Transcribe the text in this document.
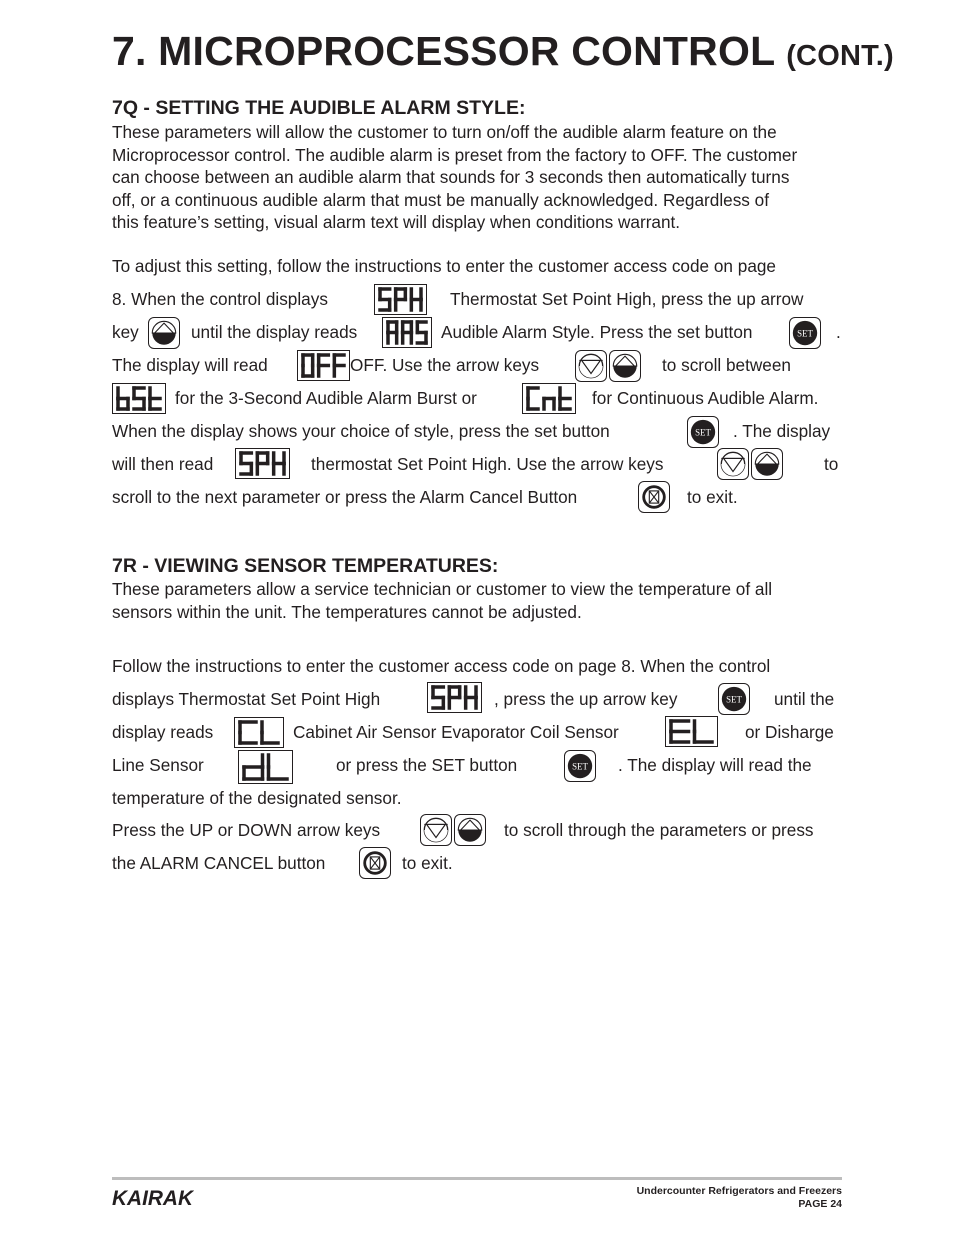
7. MICROPROCESSOR CONTROL (CONT.)
7Q - SETTING THE AUDIBLE ALARM STYLE:
These parameters will allow the customer to turn on/off the audible alarm feature on the
Microprocessor control. The audible alarm is preset from the factory to OFF. The customer
can choose between an audible alarm that sounds for 3 seconds then automatically turns
off, or a continuous audible alarm that must be manually acknowledged. Regardless of
this feature’s setting, visual alarm text will display when conditions warrant.
To adjust this setting, follow the instructions to enter the customer access code on page
8. When the control displays	Thermostat Set Point High, press the up arrow
key	until the display reads	Audible Alarm Style. Press the set button	SET .
The display will read	OFF. Use the arrow keys	to scroll between
for the 3-Second Audible Alarm Burst or	for Continuous Audible Alarm.
When the display shows your choice of style, press the set button	SET . The display
will then read	thermostat Set Point High. Use the arrow keys	to
scroll to the next parameter or press the Alarm Cancel Button	to exit.
7R - VIEWING SENSOR TEMPERATURES:
These parameters allow a service technician or customer to view the temperature of all
sensors within the unit. The temperatures cannot be adjusted.
Follow the instructions to enter the customer access code on page 8. When the control
displays Thermostat Set Point High	, press the up arrow key	SET until the
display reads	Cabinet Air Sensor Evaporator Coil Sensor	or Disharge
Line Sensor	or press the SET button	SET . The display will read the
temperature of the designated sensor.
Press the UP or DOWN arrow keys	to scroll through the parameters or press
the ALARM CANCEL button	to exit.
KAIRAK	Undercounter Refrigerators and Freezers
PAGE 24
